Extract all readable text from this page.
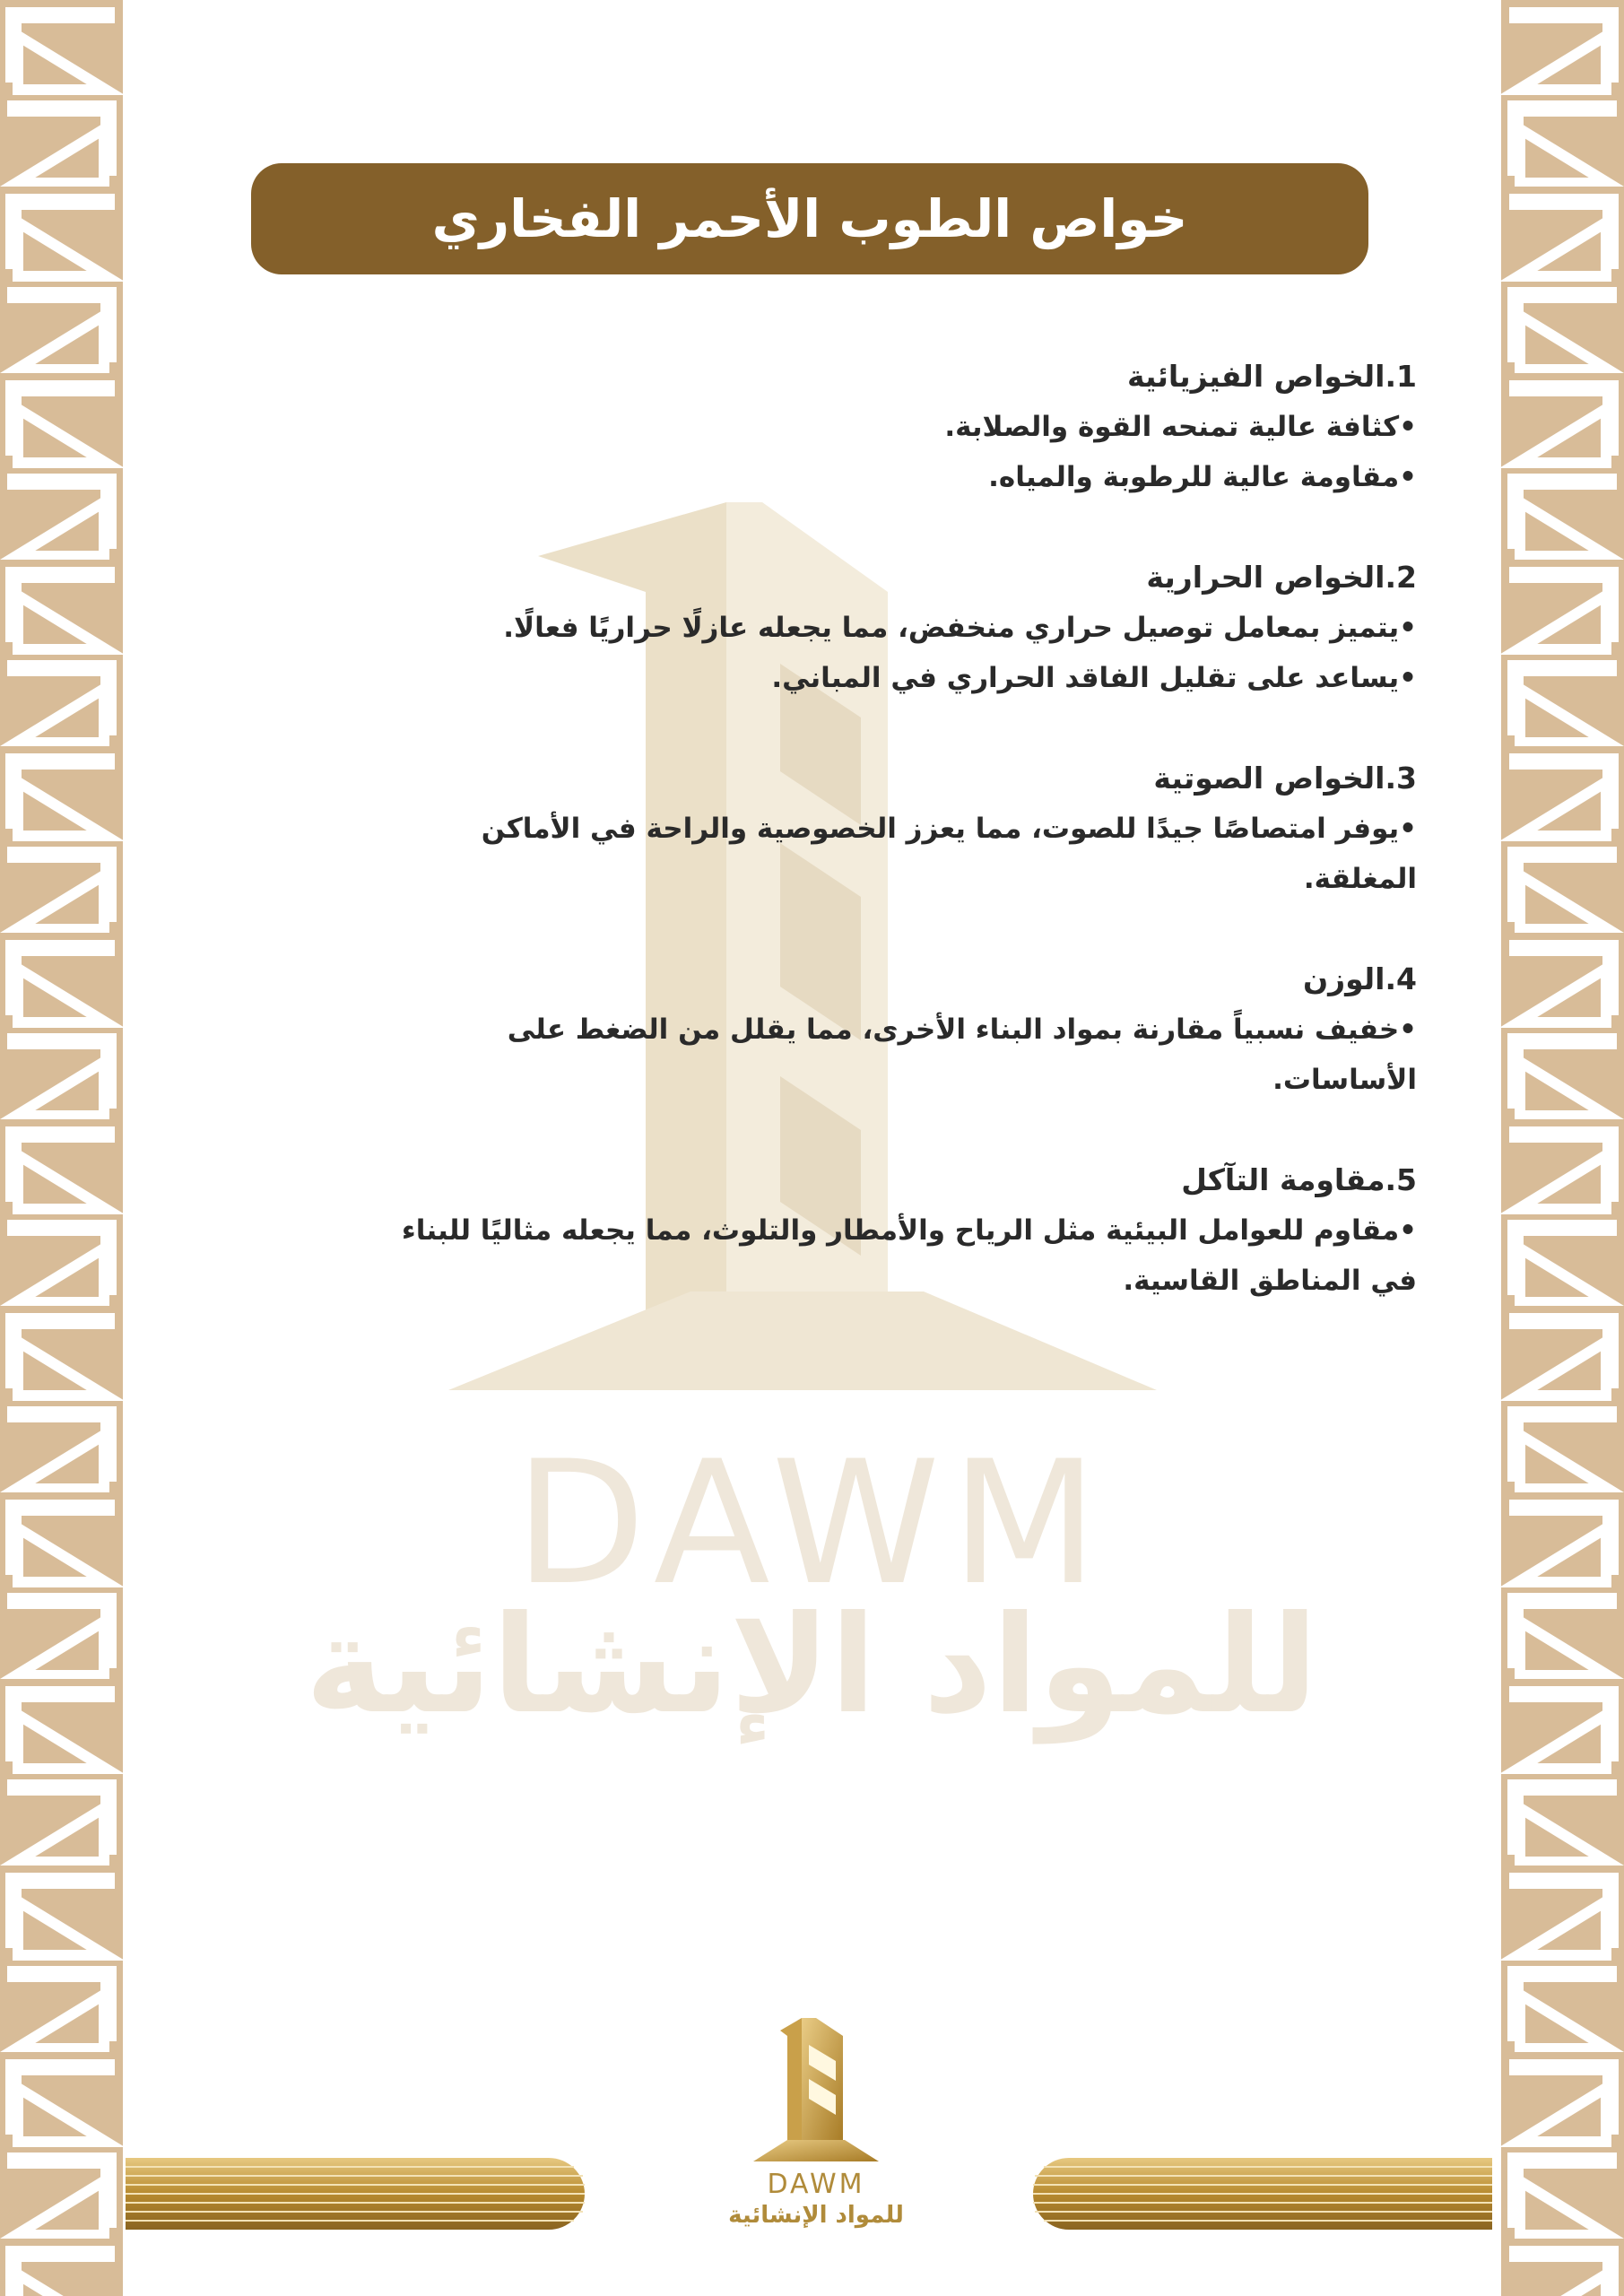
DAWM
للمواد الإنشائية
خواص الطوب الأحمر الفخاري

1.الخواص الفيزيائية

•كثافة عالية تمنحه القوة والصلابة.

•مقاومة عالية للرطوبة والمياه.

2.الخواص الحرارية

•يتميز بمعامل توصيل حراري منخفض، مما يجعله عازلًا حراريًا فعالًا.

•يساعد على تقليل الفاقد الحراري في المباني.

3.الخواص الصوتية

•يوفر امتصاصًا جيدًا للصوت، مما يعزز الخصوصية والراحة في الأماكن المغلقة.

4.الوزن

•خفيف نسبياً مقارنة بمواد البناء الأخرى، مما يقلل من الضغط على الأساسات.

5.مقاومة التآكل

•مقاوم للعوامل البيئية مثل الرياح والأمطار والتلوث، مما يجعله مثاليًا للبناء في المناطق القاسية.

DAWM
للمواد الإنشائية
